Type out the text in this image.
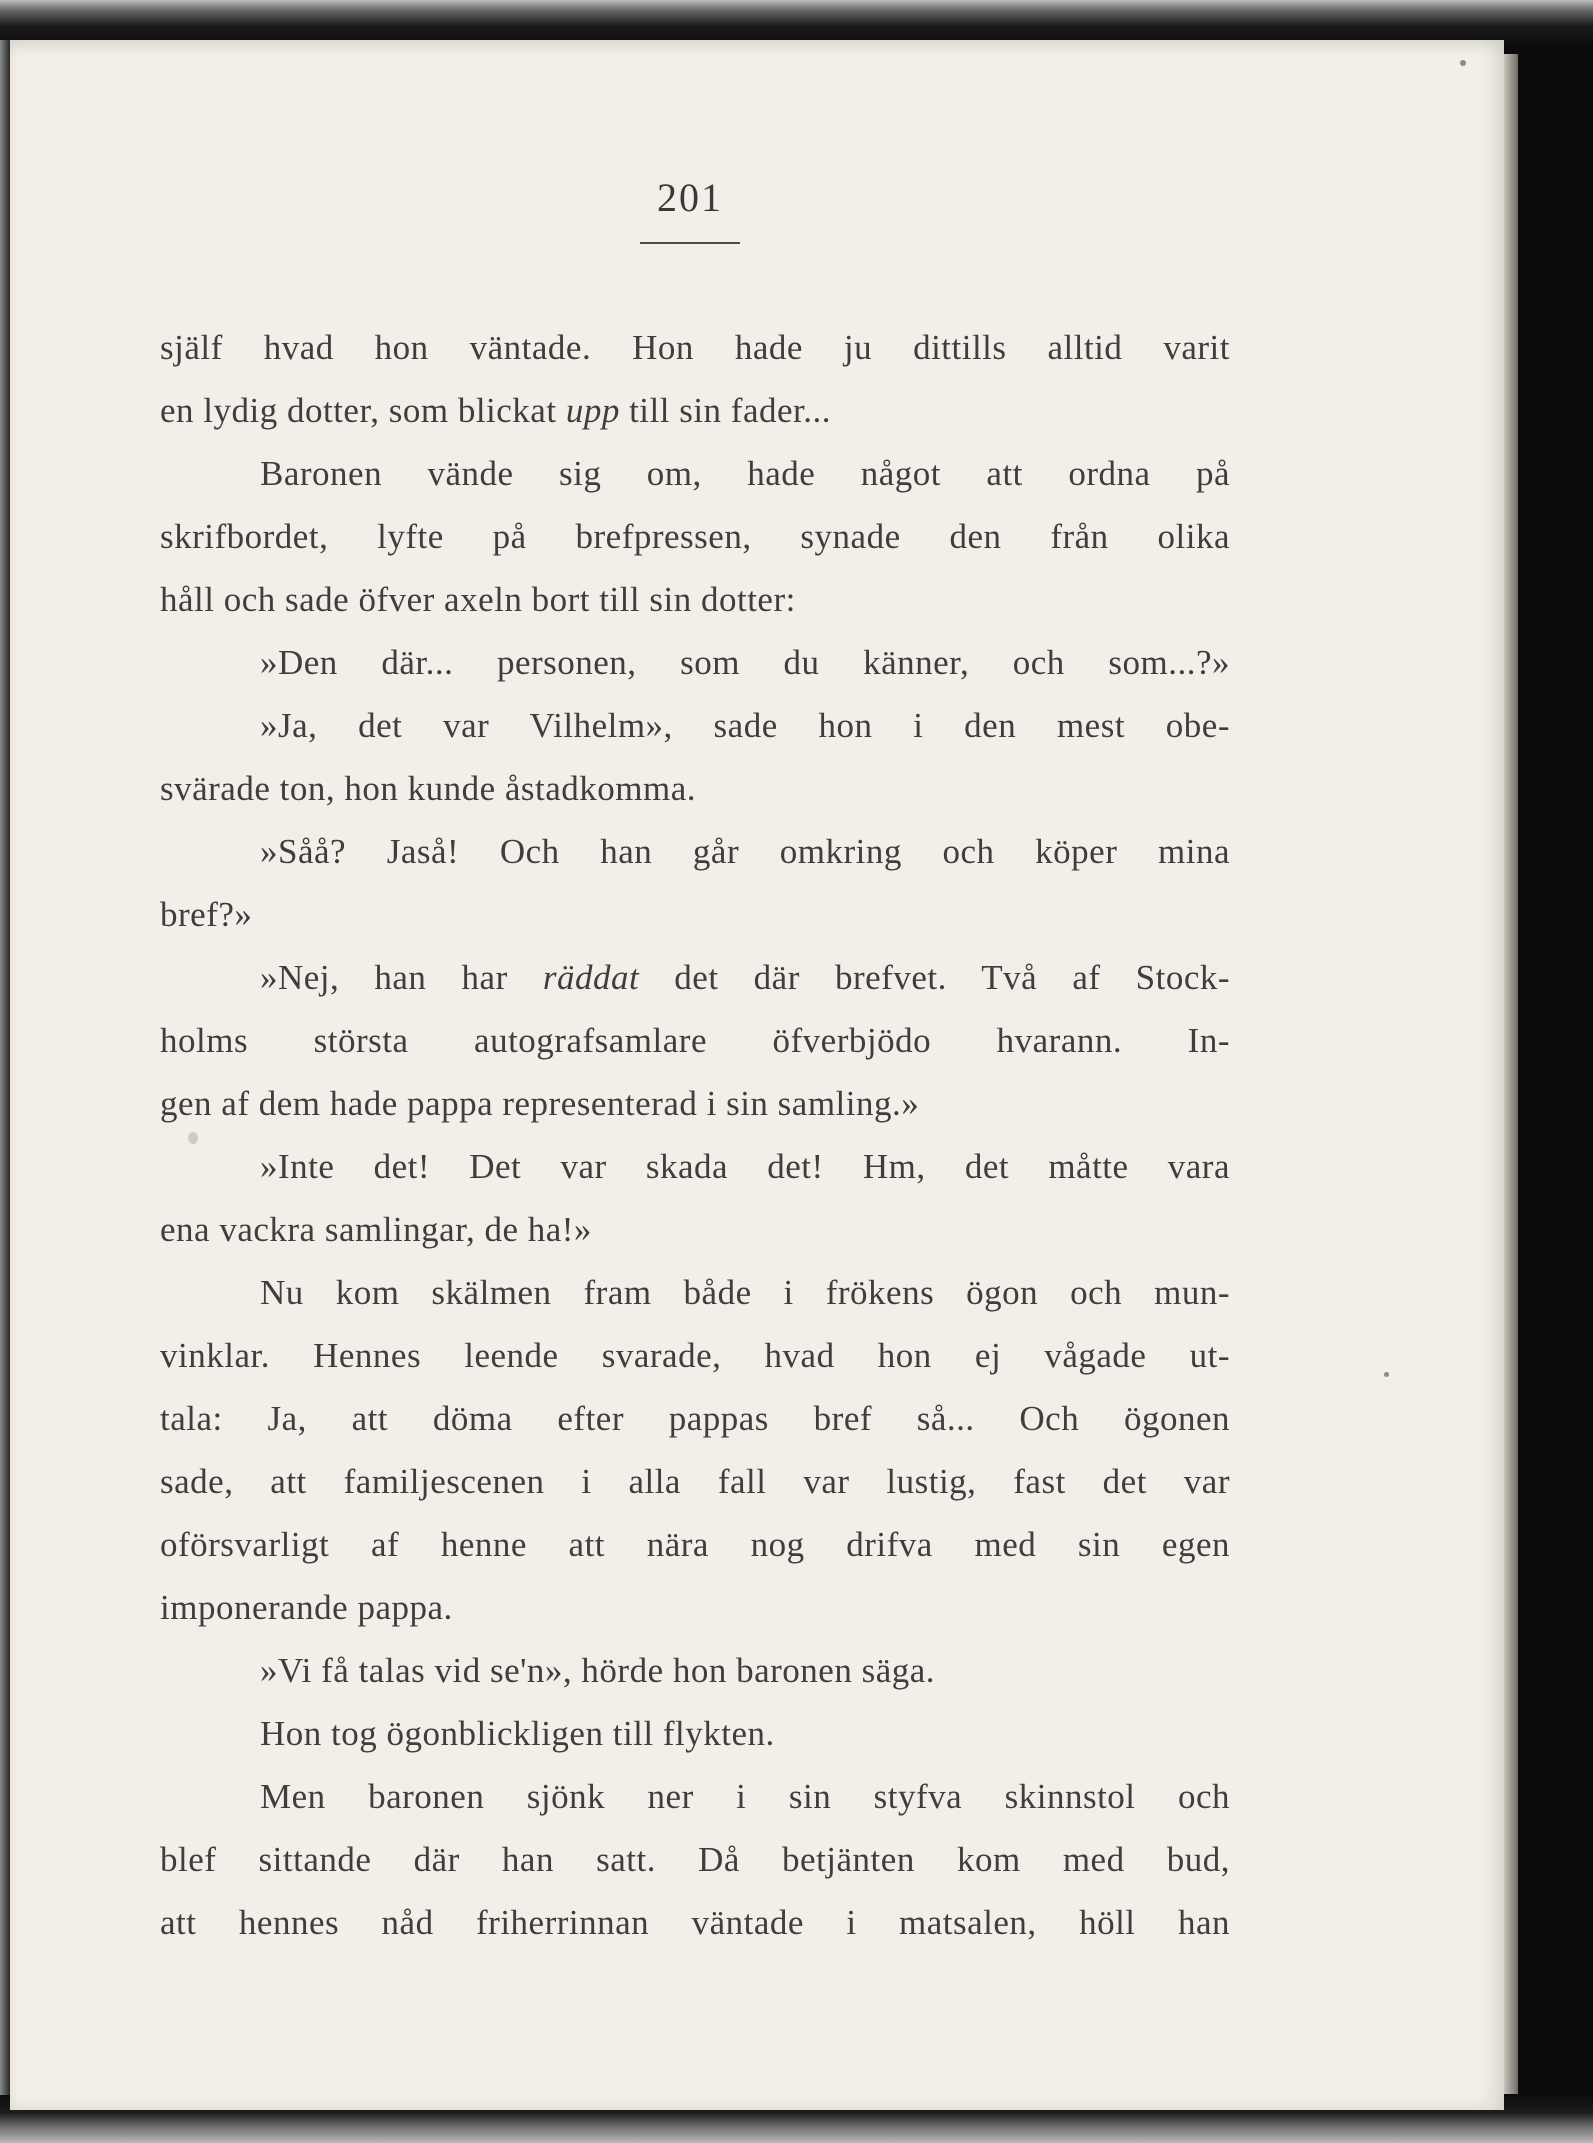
201
själf hvad hon väntade. Hon hade ju dittills alltid varit
en lydig dotter, som blickat upp till sin fader...
Baronen vände sig om, hade något att ordna på
skrifbordet, lyfte på brefpressen, synade den från olika
håll och sade öfver axeln bort till sin dotter:
»Den där... personen, som du känner, och som...?»
»Ja, det var Vilhelm», sade hon i den mest obe-
svärade ton, hon kunde åstadkomma.
»Såå? Jaså! Och han går omkring och köper mina
bref?»
»Nej, han har räddat det där brefvet. Två af Stock-
holms största autografsamlare öfverbjödo hvarann. In-
gen af dem hade pappa representerad i sin samling.»
»Inte det! Det var skada det! Hm, det måtte vara
ena vackra samlingar, de ha!»
Nu kom skälmen fram både i frökens ögon och mun-
vinklar. Hennes leende svarade, hvad hon ej vågade ut-
tala: Ja, att döma efter pappas bref så... Och ögonen
sade, att familjescenen i alla fall var lustig, fast det var
oförsvarligt af henne att nära nog drifva med sin egen
imponerande pappa.
»Vi få talas vid se'n», hörde hon baronen säga.
Hon tog ögonblickligen till flykten.
Men baronen sjönk ner i sin styfva skinnstol och
blef sittande där han satt. Då betjänten kom med bud,
att hennes nåd friherrinnan väntade i matsalen, höll han
